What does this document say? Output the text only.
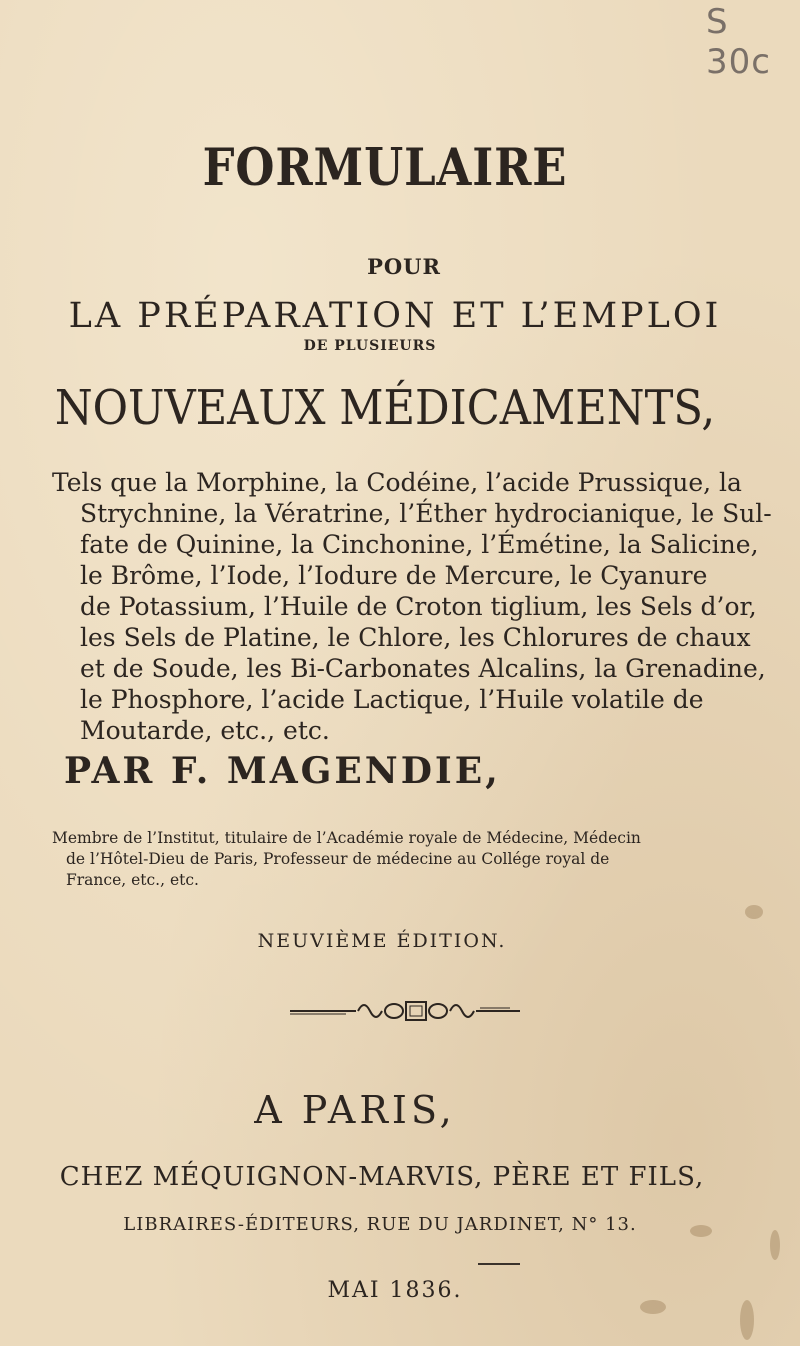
S 30c
FORMULAIRE
POUR
LA PRÉPARATION ET L’EMPLOI
DE PLUSIEURS
NOUVEAUX MÉDICAMENTS,
Tels que la Morphine, la Codéine, l’acide Prussique, la
Strychnine, la Vératrine, l’Éther hydrocianique, le Sul-
fate de Quinine, la Cinchonine, l’Émétine, la Salicine,
le Brôme, l’Iode, l’Iodure de Mercure, le Cyanure
de Potassium, l’Huile de Croton tiglium, les Sels d’or,
les Sels de Platine, le Chlore, les Chlorures de chaux
et de Soude, les Bi-Carbonates Alcalins, la Grenadine,
le Phosphore, l’acide Lactique, l’Huile volatile de
Moutarde, etc., etc.
PAR F. MAGENDIE,
Membre de l’Institut, titulaire de l’Académie royale de Médecine, Médecin
de l’Hôtel-Dieu de Paris, Professeur de médecine au Collége royal de
France, etc., etc.
NEUVIÈME ÉDITION.
A PARIS,
CHEZ MÉQUIGNON-MARVIS, PÈRE ET FILS,
LIBRAIRES-ÉDITEURS, RUE DU JARDINET, N° 13.
MAI 1836.
